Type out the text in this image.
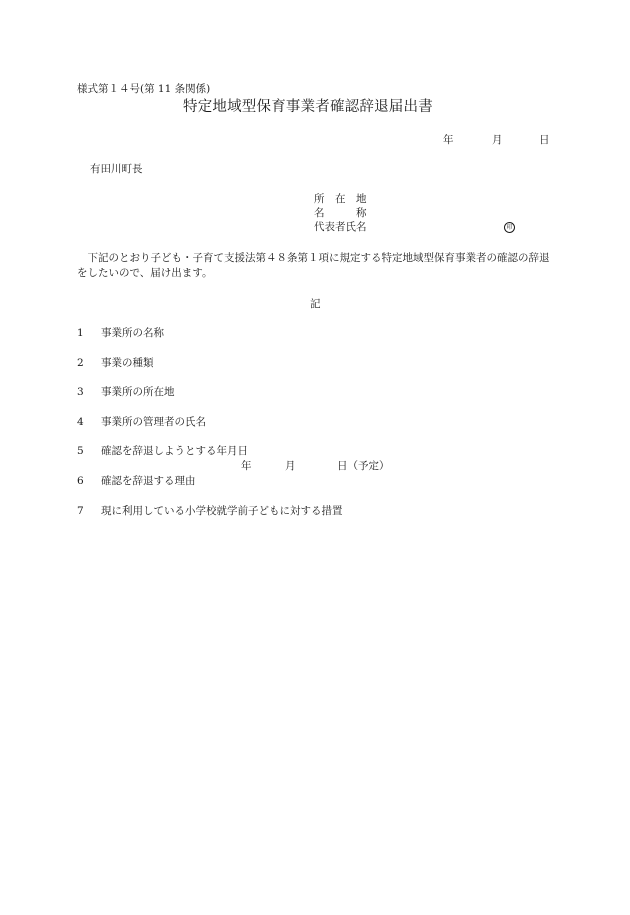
様式第１４号(第 11 条関係)
特定地域型保育事業者確認辞退届出書
年	月	日
有田川町長
所　在　地
名　　　称
代表者氏名	印
下記のとおり子ども・子育て支援法第４８条第１項に規定する特定地域型保育事業者の確認の辞退をしたいので、届け出ます。
記
1 事業所の名称
2 事業の種類
3 事業所の所在地
4 事業所の管理者の氏名
5 確認を辞退しようとする年月日
年	月	日（予定）
6 確認を辞退する理由
7 現に利用している小学校就学前子どもに対する措置
